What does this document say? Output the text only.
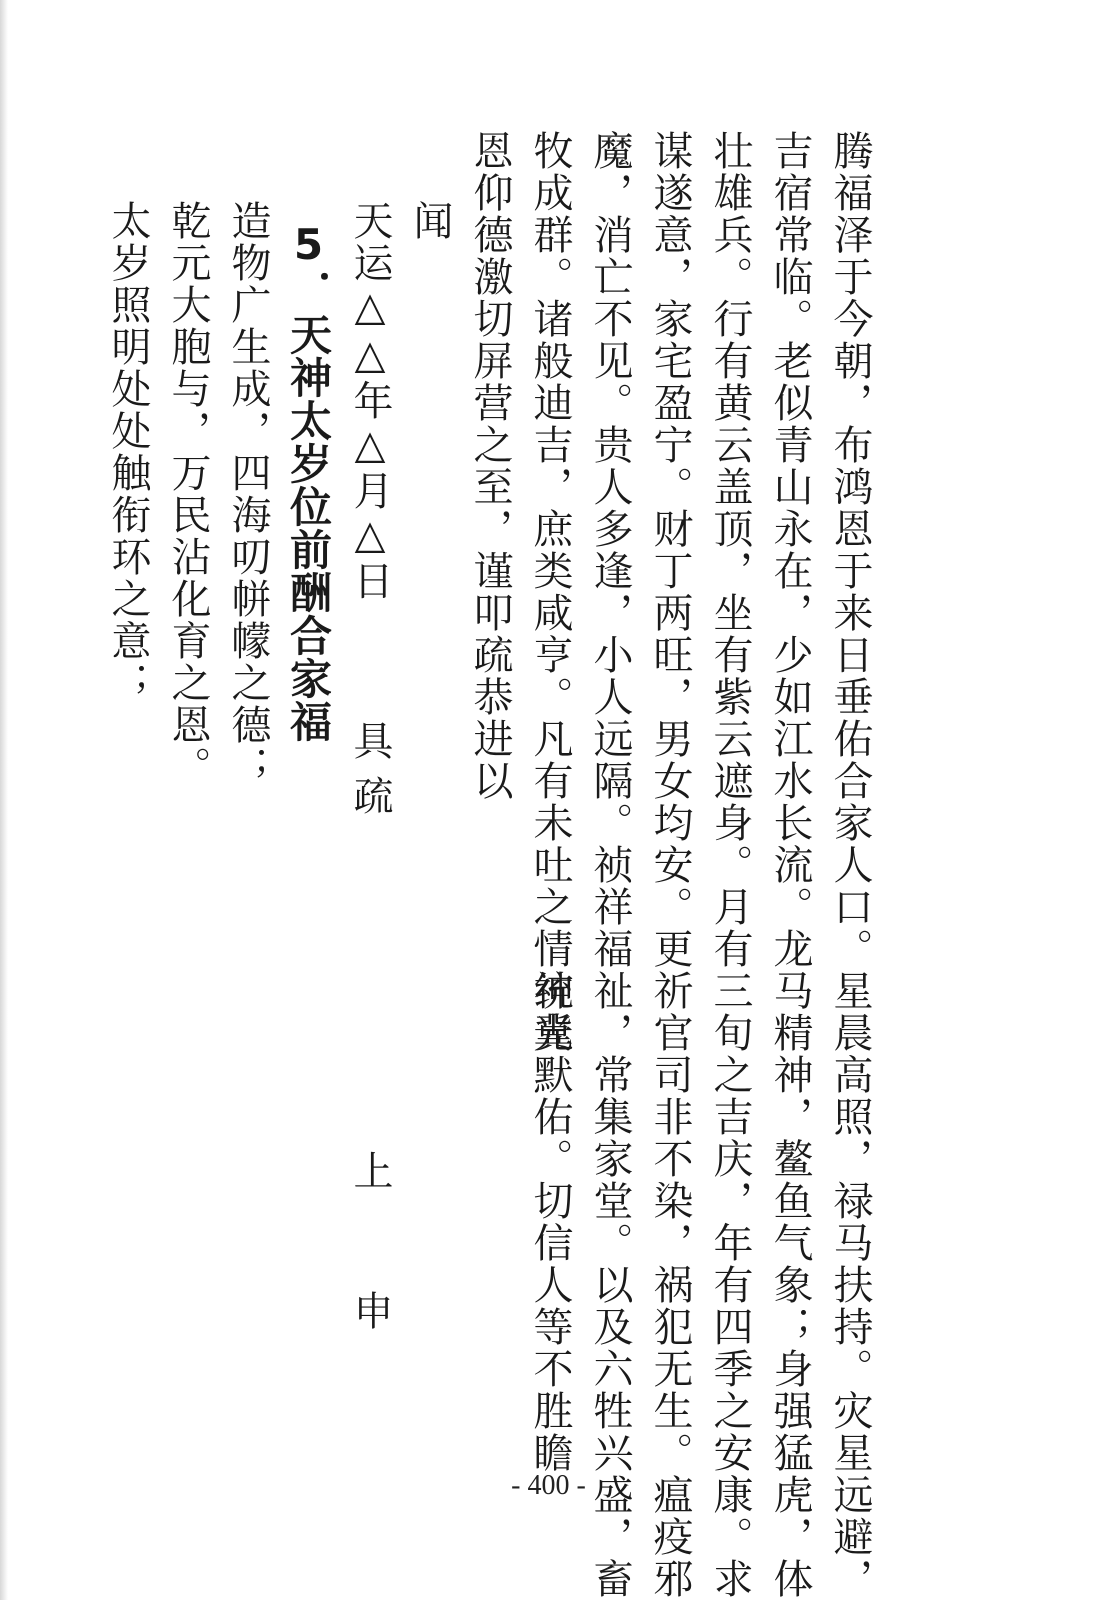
腾福泽于今朝，布鸿恩于来日垂佑合家人口。星晨高照，禄马扶持。灾星远避，
吉宿常临。老似青山永在，少如江水长流。龙马精神，鳌鱼气象；身强猛虎，体
壮雄兵。行有黄云盖顶，坐有紫云遮身。月有三旬之吉庆，年有四季之安康。求
谋遂意，家宅盈宁。财丁两旺，男女均安。更祈官司非不染，祸犯无生。瘟疫邪
魔，消亡不见。贵人多逢，小人远隔。祯祥福祉，常集家堂。以及六牲兴盛，畜
牧成群。诸般迪吉，庶类咸亨。凡有未吐之情统冀
神光默佑。切信人等不胜瞻
恩仰德激切屏营之至，谨叩疏恭进以
闻
天运△△年△月△日
具
疏
上
申
5．天神太岁位前酬合家福
造物广生成，四海叨帡幪之德；
乾元大胞与，万民沾化育之恩。
太岁照明处处触衔环之意；
- 400 -
